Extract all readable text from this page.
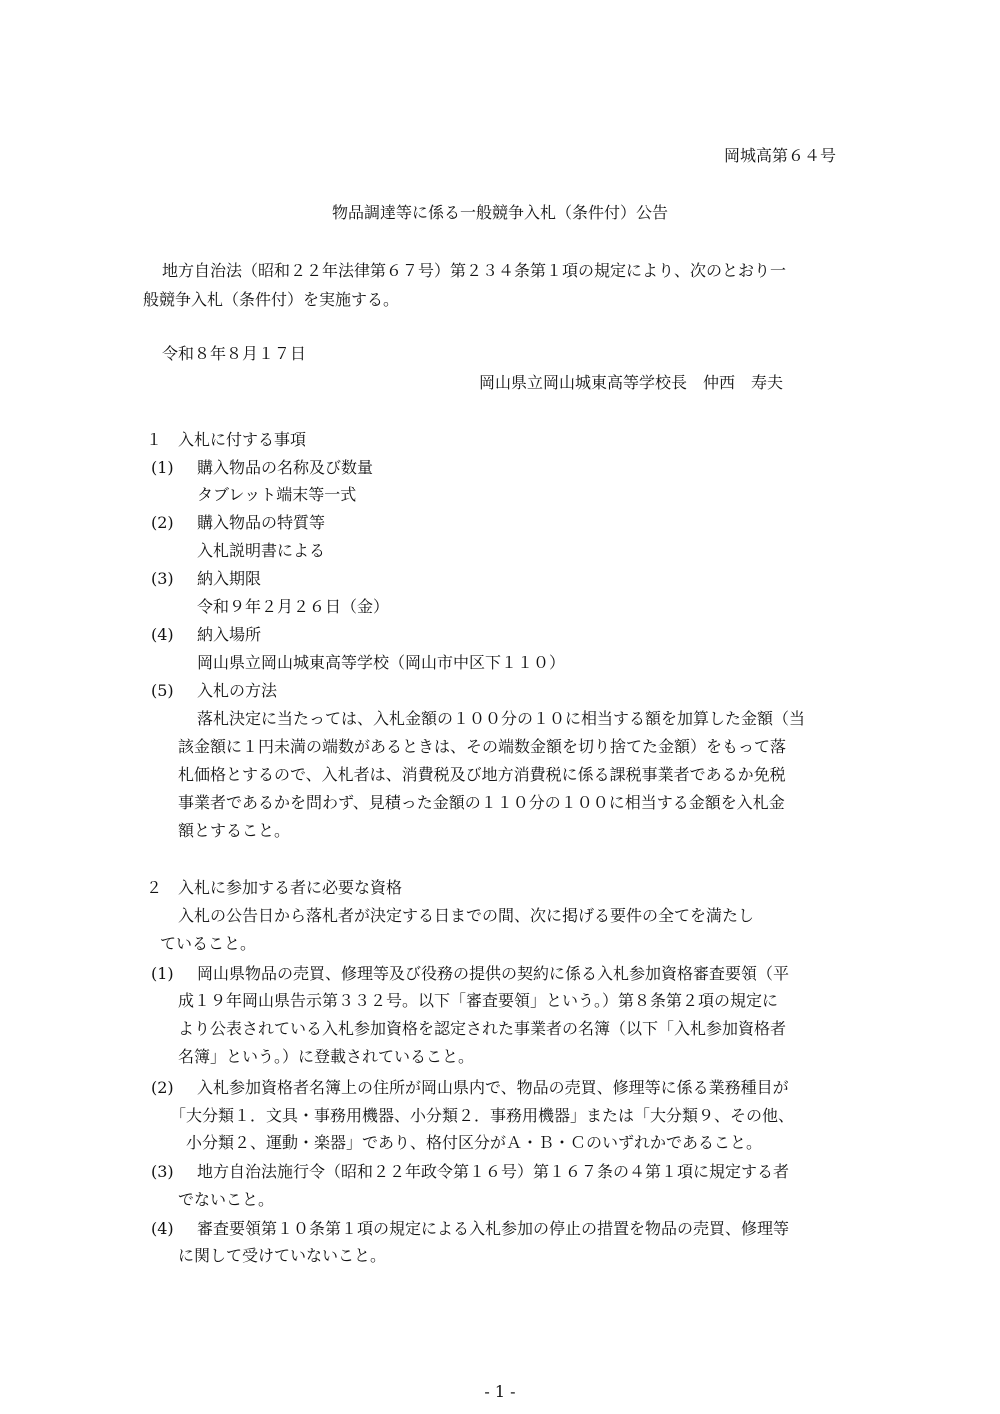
岡城高第６４号
物品調達等に係る一般競争入札（条件付）公告
地方自治法（昭和２２年法律第６７号）第２３４条第１項の規定により、次のとおり一
般競争入札（条件付）を実施する。
令和８年８月１７日
岡山県立岡山城東高等学校長　仲西　寿夫
１　入札に付する事項
(1) 購入物品の名称及び数量
タブレット端末等一式
(2) 購入物品の特質等
入札説明書による
(3) 納入期限
令和９年２月２６日（金）
(4) 納入場所
岡山県立岡山城東高等学校（岡山市中区下１１０）
(5) 入札の方法
落札決定に当たっては、入札金額の１００分の１０に相当する額を加算した金額（当
該金額に１円未満の端数があるときは、その端数金額を切り捨てた金額）をもって落
札価格とするので、入札者は、消費税及び地方消費税に係る課税事業者であるか免税
事業者であるかを問わず、見積った金額の１１０分の１００に相当する金額を入札金
額とすること。
２　入札に参加する者に必要な資格
入札の公告日から落札者が決定する日までの間、次に掲げる要件の全てを満たし
ていること。
(1) 岡山県物品の売買、修理等及び役務の提供の契約に係る入札参加資格審査要領（平
成１９年岡山県告示第３３２号。以下「審査要領」という。）第８条第２項の規定に
より公表されている入札参加資格を認定された事業者の名簿（以下「入札参加資格者
名簿」という。）に登載されていること。
(2) 入札参加資格者名簿上の住所が岡山県内で、物品の売買、修理等に係る業務種目が
「大分類１．文具・事務用機器、小分類２．事務用機器」または「大分類９、その他、
小分類２、運動・楽器」であり、格付区分がＡ・Ｂ・Ｃのいずれかであること。
(3) 地方自治法施行令（昭和２２年政令第１６号）第１６７条の４第１項に規定する者
でないこと。
(4) 審査要領第１０条第１項の規定による入札参加の停止の措置を物品の売買、修理等
に関して受けていないこと。
- 1 -
